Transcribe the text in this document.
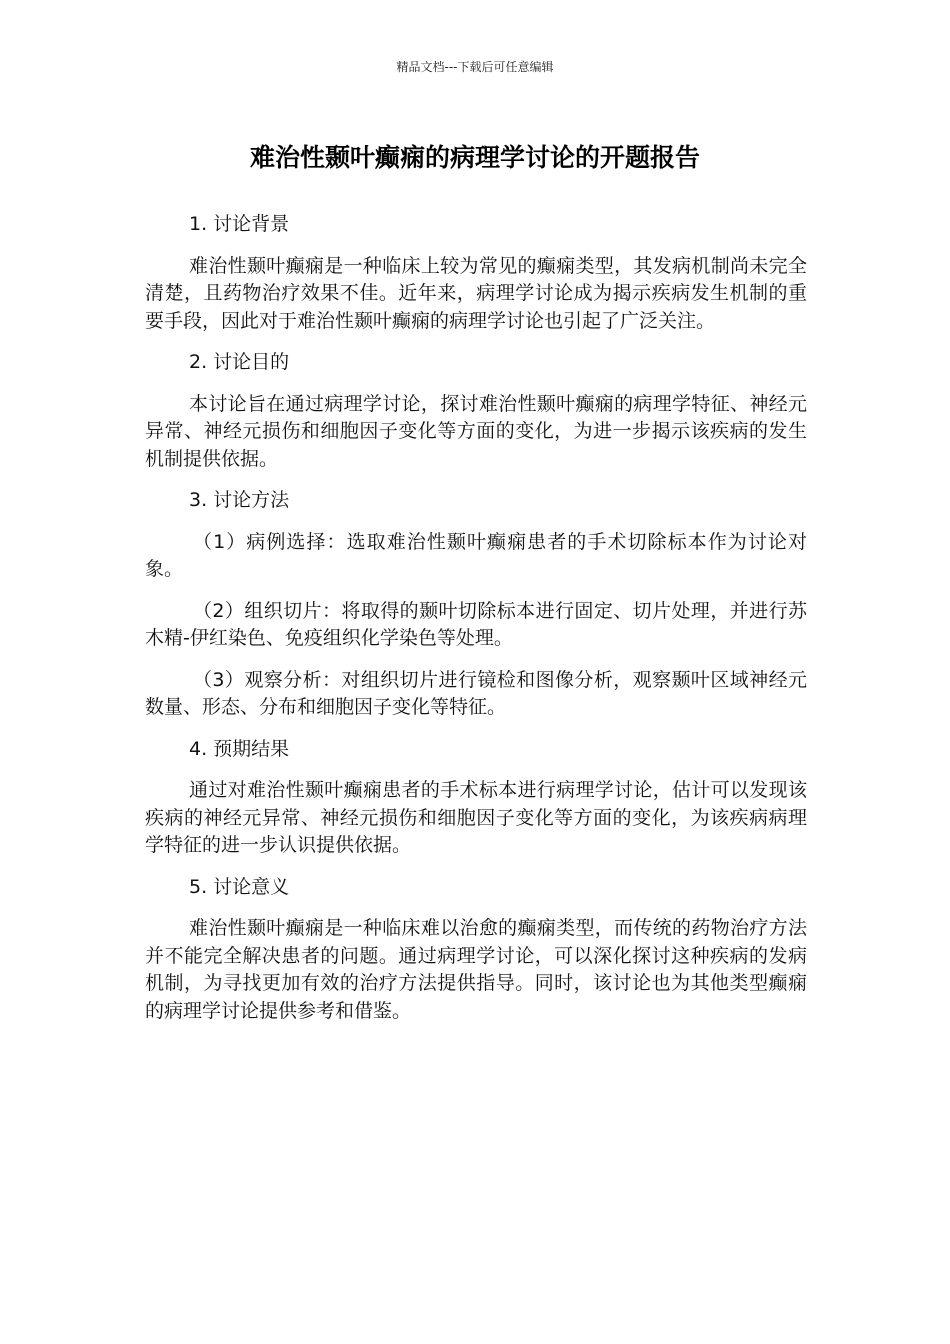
精品文档---下载后可任意编辑
难治性颞叶癫痫的病理学讨论的开题报告
1. 讨论背景
难治性颞叶癫痫是一种临床上较为常见的癫痫类型，其发病机制尚未完全清楚，且药物治疗效果不佳。近年来，病理学讨论成为揭示疾病发生机制的重要手段，因此对于难治性颞叶癫痫的病理学讨论也引起了广泛关注。
2. 讨论目的
本讨论旨在通过病理学讨论，探讨难治性颞叶癫痫的病理学特征、神经元异常、神经元损伤和细胞因子变化等方面的变化，为进一步揭示该疾病的发生机制提供依据。
3. 讨论方法
（1）病例选择：选取难治性颞叶癫痫患者的手术切除标本作为讨论对象。
（2）组织切片：将取得的颞叶切除标本进行固定、切片处理，并进行苏木精-伊红染色、免疫组织化学染色等处理。
（3）观察分析：对组织切片进行镜检和图像分析，观察颞叶区域神经元数量、形态、分布和细胞因子变化等特征。
4. 预期结果
通过对难治性颞叶癫痫患者的手术标本进行病理学讨论，估计可以发现该疾病的神经元异常、神经元损伤和细胞因子变化等方面的变化，为该疾病病理学特征的进一步认识提供依据。
5. 讨论意义
难治性颞叶癫痫是一种临床难以治愈的癫痫类型，而传统的药物治疗方法并不能完全解决患者的问题。通过病理学讨论，可以深化探讨这种疾病的发病机制，为寻找更加有效的治疗方法提供指导。同时，该讨论也为其他类型癫痫的病理学讨论提供参考和借鉴。
